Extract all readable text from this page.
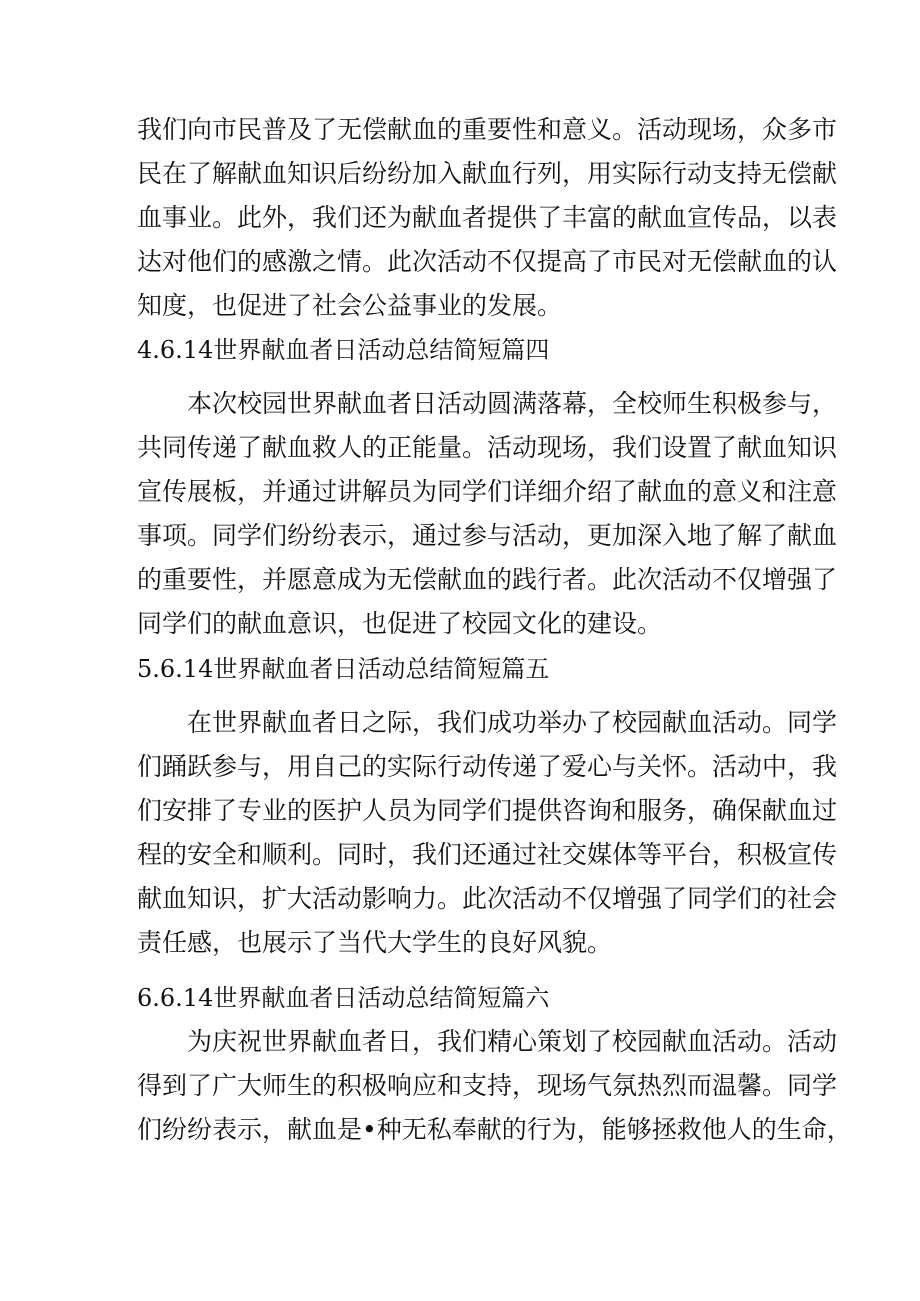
我们向市民普及了无偿献血的重要性和意义。活动现场，众多市
民在了解献血知识后纷纷加入献血行列，用实际行动支持无偿献
血事业。此外，我们还为献血者提供了丰富的献血宣传品，以表
达对他们的感激之情。此次活动不仅提高了市民对无偿献血的认
知度，也促进了社会公益事业的发展。
4.6.14世界献血者日活动总结简短篇四
本次校园世界献血者日活动圆满落幕，全校师生积极参与，
共同传递了献血救人的正能量。活动现场，我们设置了献血知识
宣传展板，并通过讲解员为同学们详细介绍了献血的意义和注意
事项。同学们纷纷表示，通过参与活动，更加深入地了解了献血
的重要性，并愿意成为无偿献血的践行者。此次活动不仅增强了
同学们的献血意识，也促进了校园文化的建设。
5.6.14世界献血者日活动总结简短篇五
在世界献血者日之际，我们成功举办了校园献血活动。同学
们踊跃参与，用自己的实际行动传递了爱心与关怀。活动中，我
们安排了专业的医护人员为同学们提供咨询和服务，确保献血过
程的安全和顺利。同时，我们还通过社交媒体等平台，积极宣传
献血知识，扩大活动影响力。此次活动不仅增强了同学们的社会
责任感，也展示了当代大学生的良好风貌。
6.6.14世界献血者日活动总结简短篇六
为庆祝世界献血者日，我们精心策划了校园献血活动。活动
得到了广大师生的积极响应和支持，现场气氛热烈而温馨。同学
们纷纷表示，献血是•种无私奉献的行为，能够拯救他人的生命，
